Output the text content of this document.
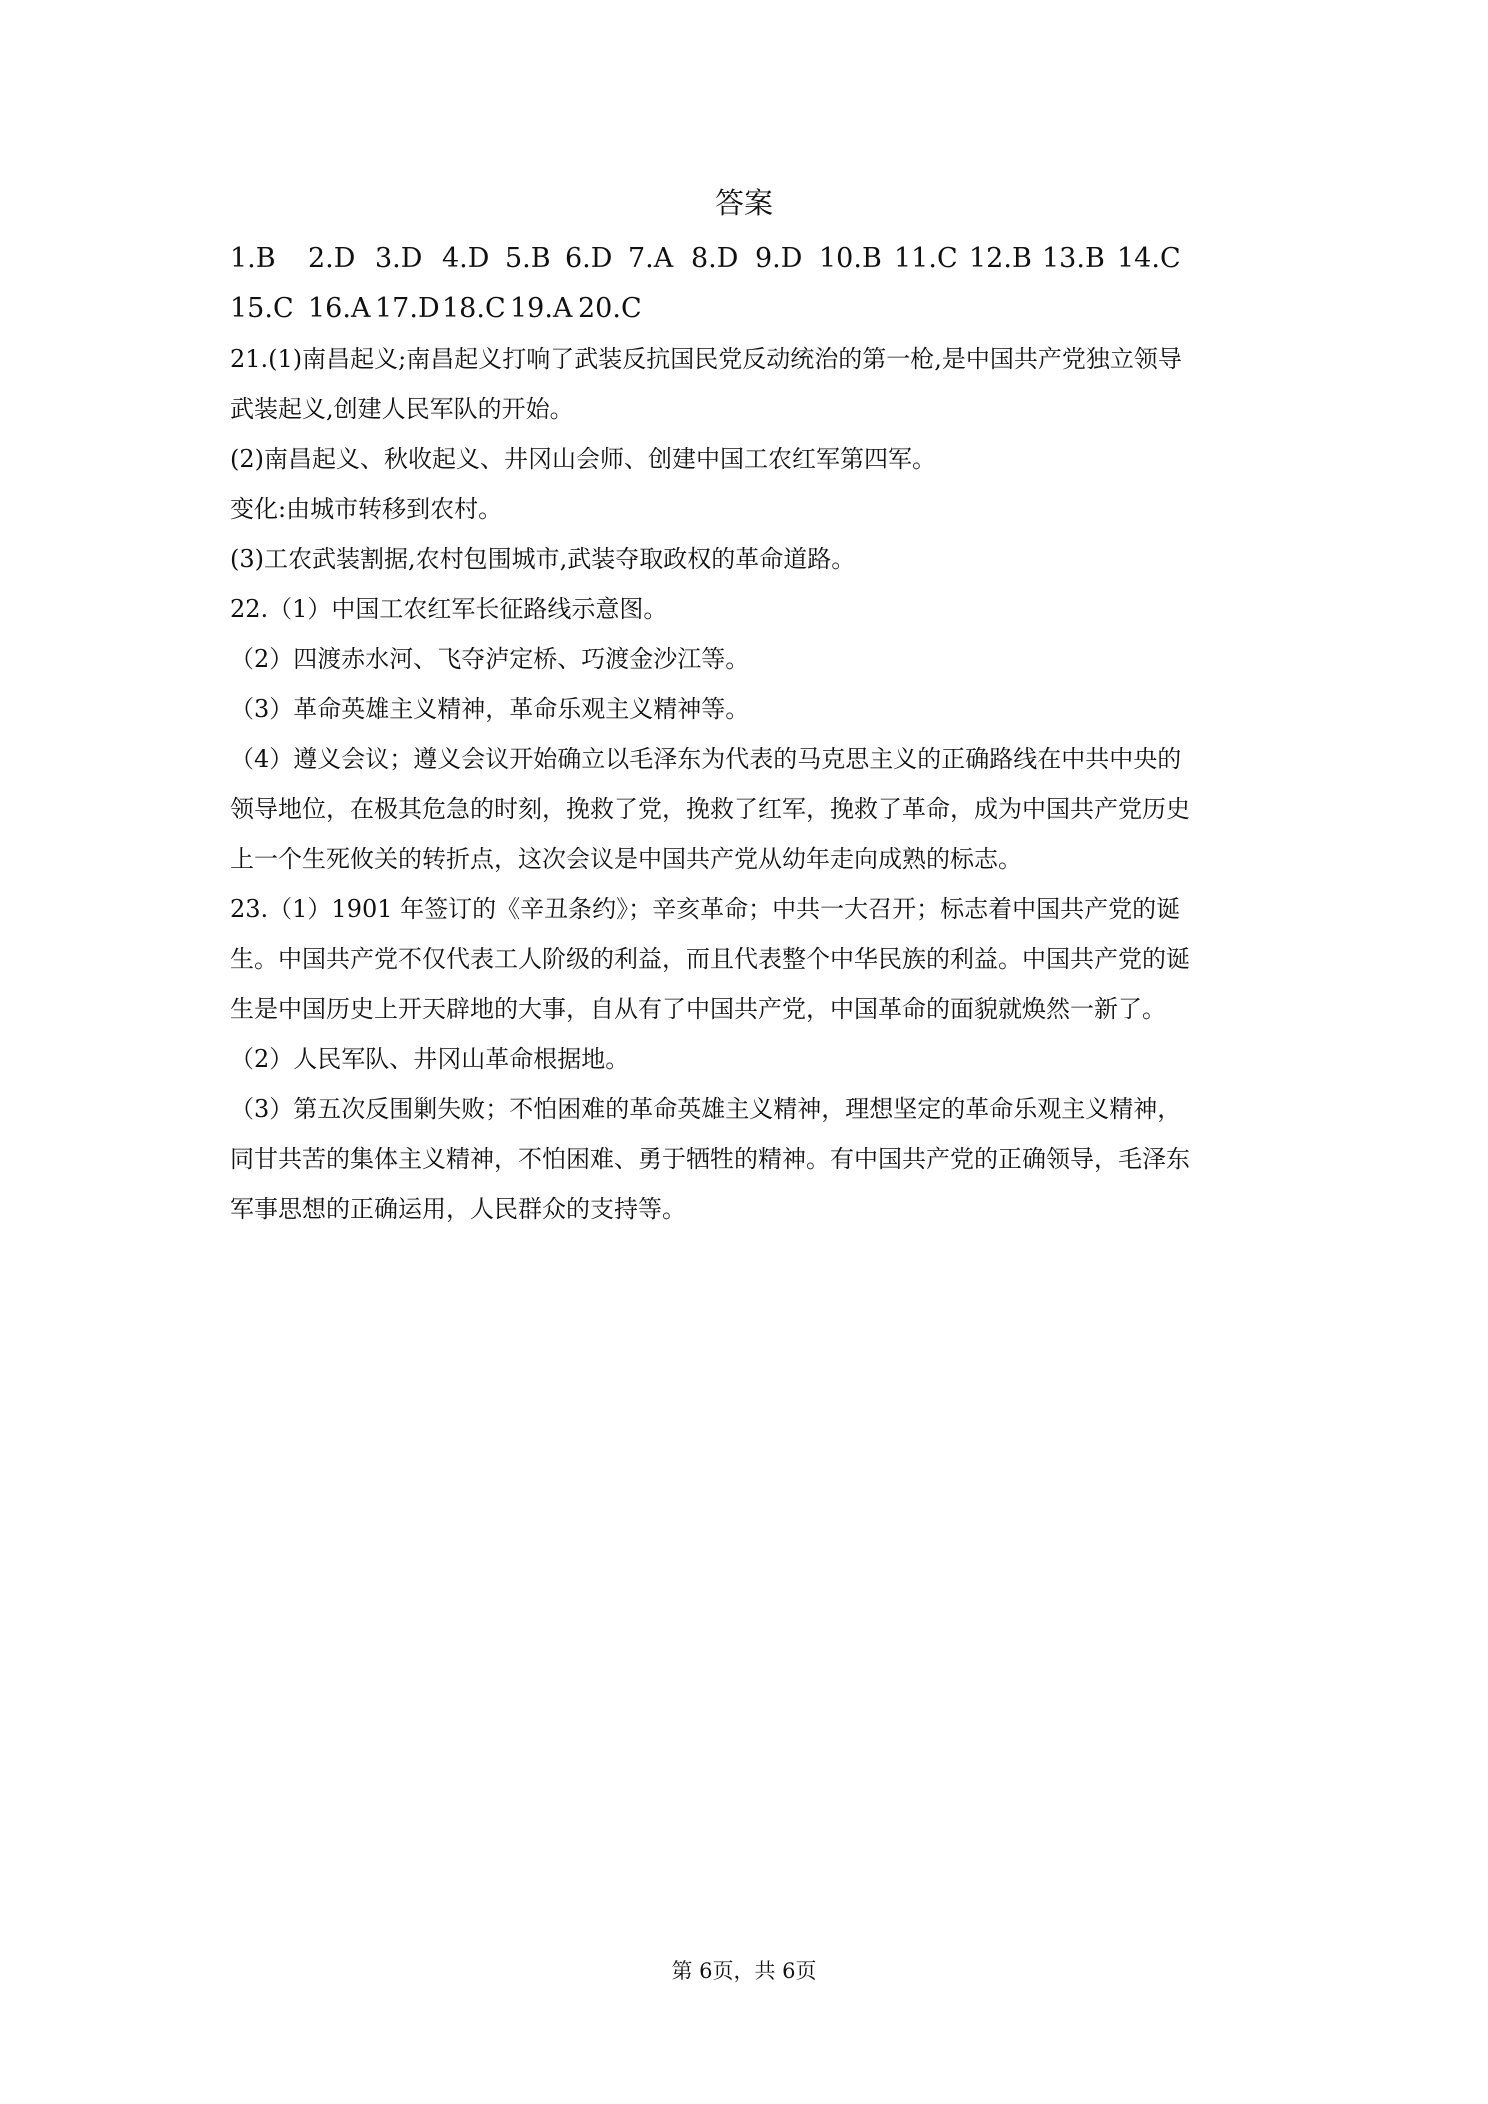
答案
1.B 2.D 3.D 4.D 5.B 6.D 7.A 8.D 9.D 10.B 11.C 12.B 13.B 14.C
15.C 16.A 17.D18.C 19.A 20.C
21.(1)南昌起义;南昌起义打响了武装反抗国民党反动统治的第一枪,是中国共产党独立领导
武装起义,创建人民军队的开始。
(2)南昌起义、秋收起义、井冈山会师、创建中国工农红军第四军。
变化:由城市转移到农村。
(3)工农武装割据,农村包围城市,武装夺取政权的革命道路。
22.（1）中国工农红军长征路线示意图。
（2）四渡赤水河、飞夺泸定桥、巧渡金沙江等。
（3）革命英雄主义精神，革命乐观主义精神等。
（4）遵义会议；遵义会议开始确立以毛泽东为代表的马克思主义的正确路线在中共中央的
领导地位，在极其危急的时刻，挽救了党，挽救了红军，挽救了革命，成为中国共产党历史
上一个生死攸关的转折点，这次会议是中国共产党从幼年走向成熟的标志。
23.（1）1901 年签订的《辛丑条约》；辛亥革命；中共一大召开；标志着中国共产党的诞
生。中国共产党不仅代表工人阶级的利益，而且代表整个中华民族的利益。中国共产党的诞
生是中国历史上开天辟地的大事，自从有了中国共产党，中国革命的面貌就焕然一新了。
（2）人民军队、井冈山革命根据地。
（3）第五次反围剿失败；不怕困难的革命英雄主义精神，理想坚定的革命乐观主义精神，
同甘共苦的集体主义精神，不怕困难、勇于牺牲的精神。有中国共产党的正确领导，毛泽东
军事思想的正确运用，人民群众的支持等。
第 6页，共 6页
